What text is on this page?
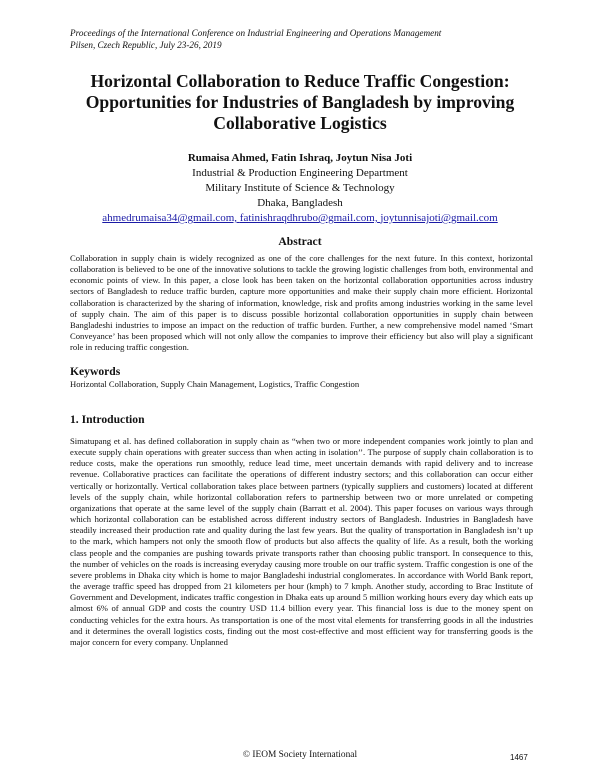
Proceedings of the International Conference on Industrial Engineering and Operations Management
Pilsen, Czech Republic, July 23-26, 2019
Horizontal Collaboration to Reduce Traffic Congestion: Opportunities for Industries of Bangladesh by improving Collaborative Logistics
Rumaisa Ahmed, Fatin Ishraq, Joytun Nisa Joti
Industrial & Production Engineering Department
Military Institute of Science & Technology
Dhaka, Bangladesh
ahmedrumaisa34@gmail.com, fatinishraqdhrubo@gmail.com, joytunnisajoti@gmail.com
Abstract
Collaboration in supply chain is widely recognized as one of the core challenges for the next future. In this context, horizontal collaboration is believed to be one of the innovative solutions to tackle the growing logistic challenges from both, environmental and economic points of view. In this paper, a close look has been taken on the horizontal collaboration opportunities across industry sectors of Bangladesh to reduce traffic burden, capture more opportunities and make their supply chain more efficient. Horizontal collaboration is characterized by the sharing of information, knowledge, risk and profits among industries working in the same level of supply chain. The aim of this paper is to discuss possible horizontal collaboration opportunities in supply chain between Bangladeshi industries to impose an impact on the reduction of traffic burden. Further, a new comprehensive model named ‘Smart Conveyance’ has been proposed which will not only allow the companies to improve their efficiency but also will play a significant role in reducing traffic congestion.
Keywords
Horizontal Collaboration, Supply Chain Management, Logistics, Traffic Congestion
1. Introduction
Simatupang et al. has defined collaboration in supply chain as “when two or more independent companies work jointly to plan and execute supply chain operations with greater success than when acting in isolation’’. The purpose of supply chain collaboration is to reduce costs, make the operations run smoothly, reduce lead time, meet uncertain demands with rapid delivery and to increase revenue. Collaborative practices can facilitate the operations of different industry sectors; and this collaboration can occur either vertically or horizontally. Vertical collaboration takes place between partners (typically suppliers and customers) located at different levels of the supply chain, while horizontal collaboration refers to partnership between two or more unrelated or competing organizations that operate at the same level of the supply chain (Barratt et al. 2004). This paper focuses on various ways through which horizontal collaboration can be established across different industry sectors of Bangladesh. Industries in Bangladesh have steadily increased their production rate and quality during the last few years. But the quality of transportation in Bangladesh isn’t up to the mark, which hampers not only the smooth flow of products but also affects the quality of life. As a result, both the working class people and the companies are pushing towards private transports rather than choosing public transport. In consequence to this, the number of vehicles on the roads is increasing everyday causing more trouble on our traffic system. Traffic congestion is one of the severe problems in Dhaka city which is home to major Bangladeshi industrial conglomerates. In accordance with World Bank report, the average traffic speed has dropped from 21 kilometers per hour (kmph) to 7 kmph. Another study, according to Brac Institute of Government and Development, indicates traffic congestion in Dhaka eats up around 5 million working hours every day which eats up almost 6% of annual GDP and costs the country USD 11.4 billion every year. This financial loss is due to the money spent on conducting vehicles for the extra hours. As transportation is one of the most vital elements for transferring goods in all the industries and it determines the overall logistics costs, finding out the most cost-effective and most efficient way for transferring goods is the major concern for every company. Unplanned
© IEOM Society International	1467
